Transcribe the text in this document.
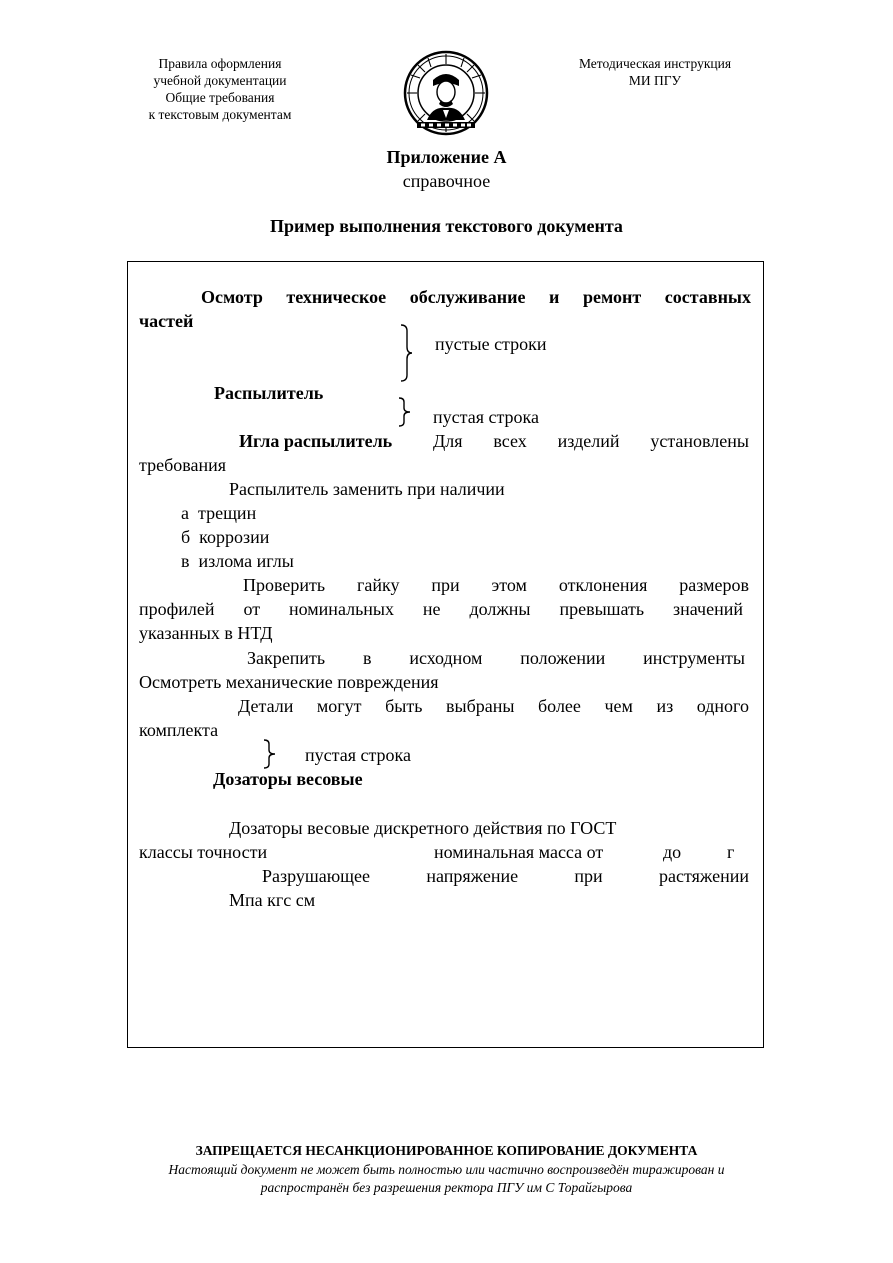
Правила оформления
учебной документации
Общие требования
к текстовым документам
Методическая инструкция
МИ ПГУ
Приложение А
справочное
Пример выполнения текстового документа
Осмотр техническое обслуживание и ремонт составных
частей
пустые строки
Распылитель
пустая строка
Игла распылитель	Для всех изделий установлены
требования
Распылитель заменить при наличии
а трещин
б коррозии
в излома иглы
Проверить гайку при этом отклонения размеров
профилей от номинальных не должны превышать значений
указанных в НТД
Закрепить в исходном положении инструменты
Осмотреть механические повреждения
Детали могут быть выбраны более чем из одного
комплекта
пустая строка
Дозаторы весовые
Дозаторы весовые дискретного действия по ГОСТ
классы точности	номинальная масса от	до	г
Разрушающее напряжение при растяжении
Мпа кгс см
ЗАПРЕЩАЕТСЯ НЕСАНКЦИОНИРОВАННОЕ КОПИРОВАНИЕ ДОКУМЕНТА
Настоящий документ не может быть полностью или частично воспроизведён тиражирован и
распространён без разрешения ректора ПГУ им С Торайгырова
